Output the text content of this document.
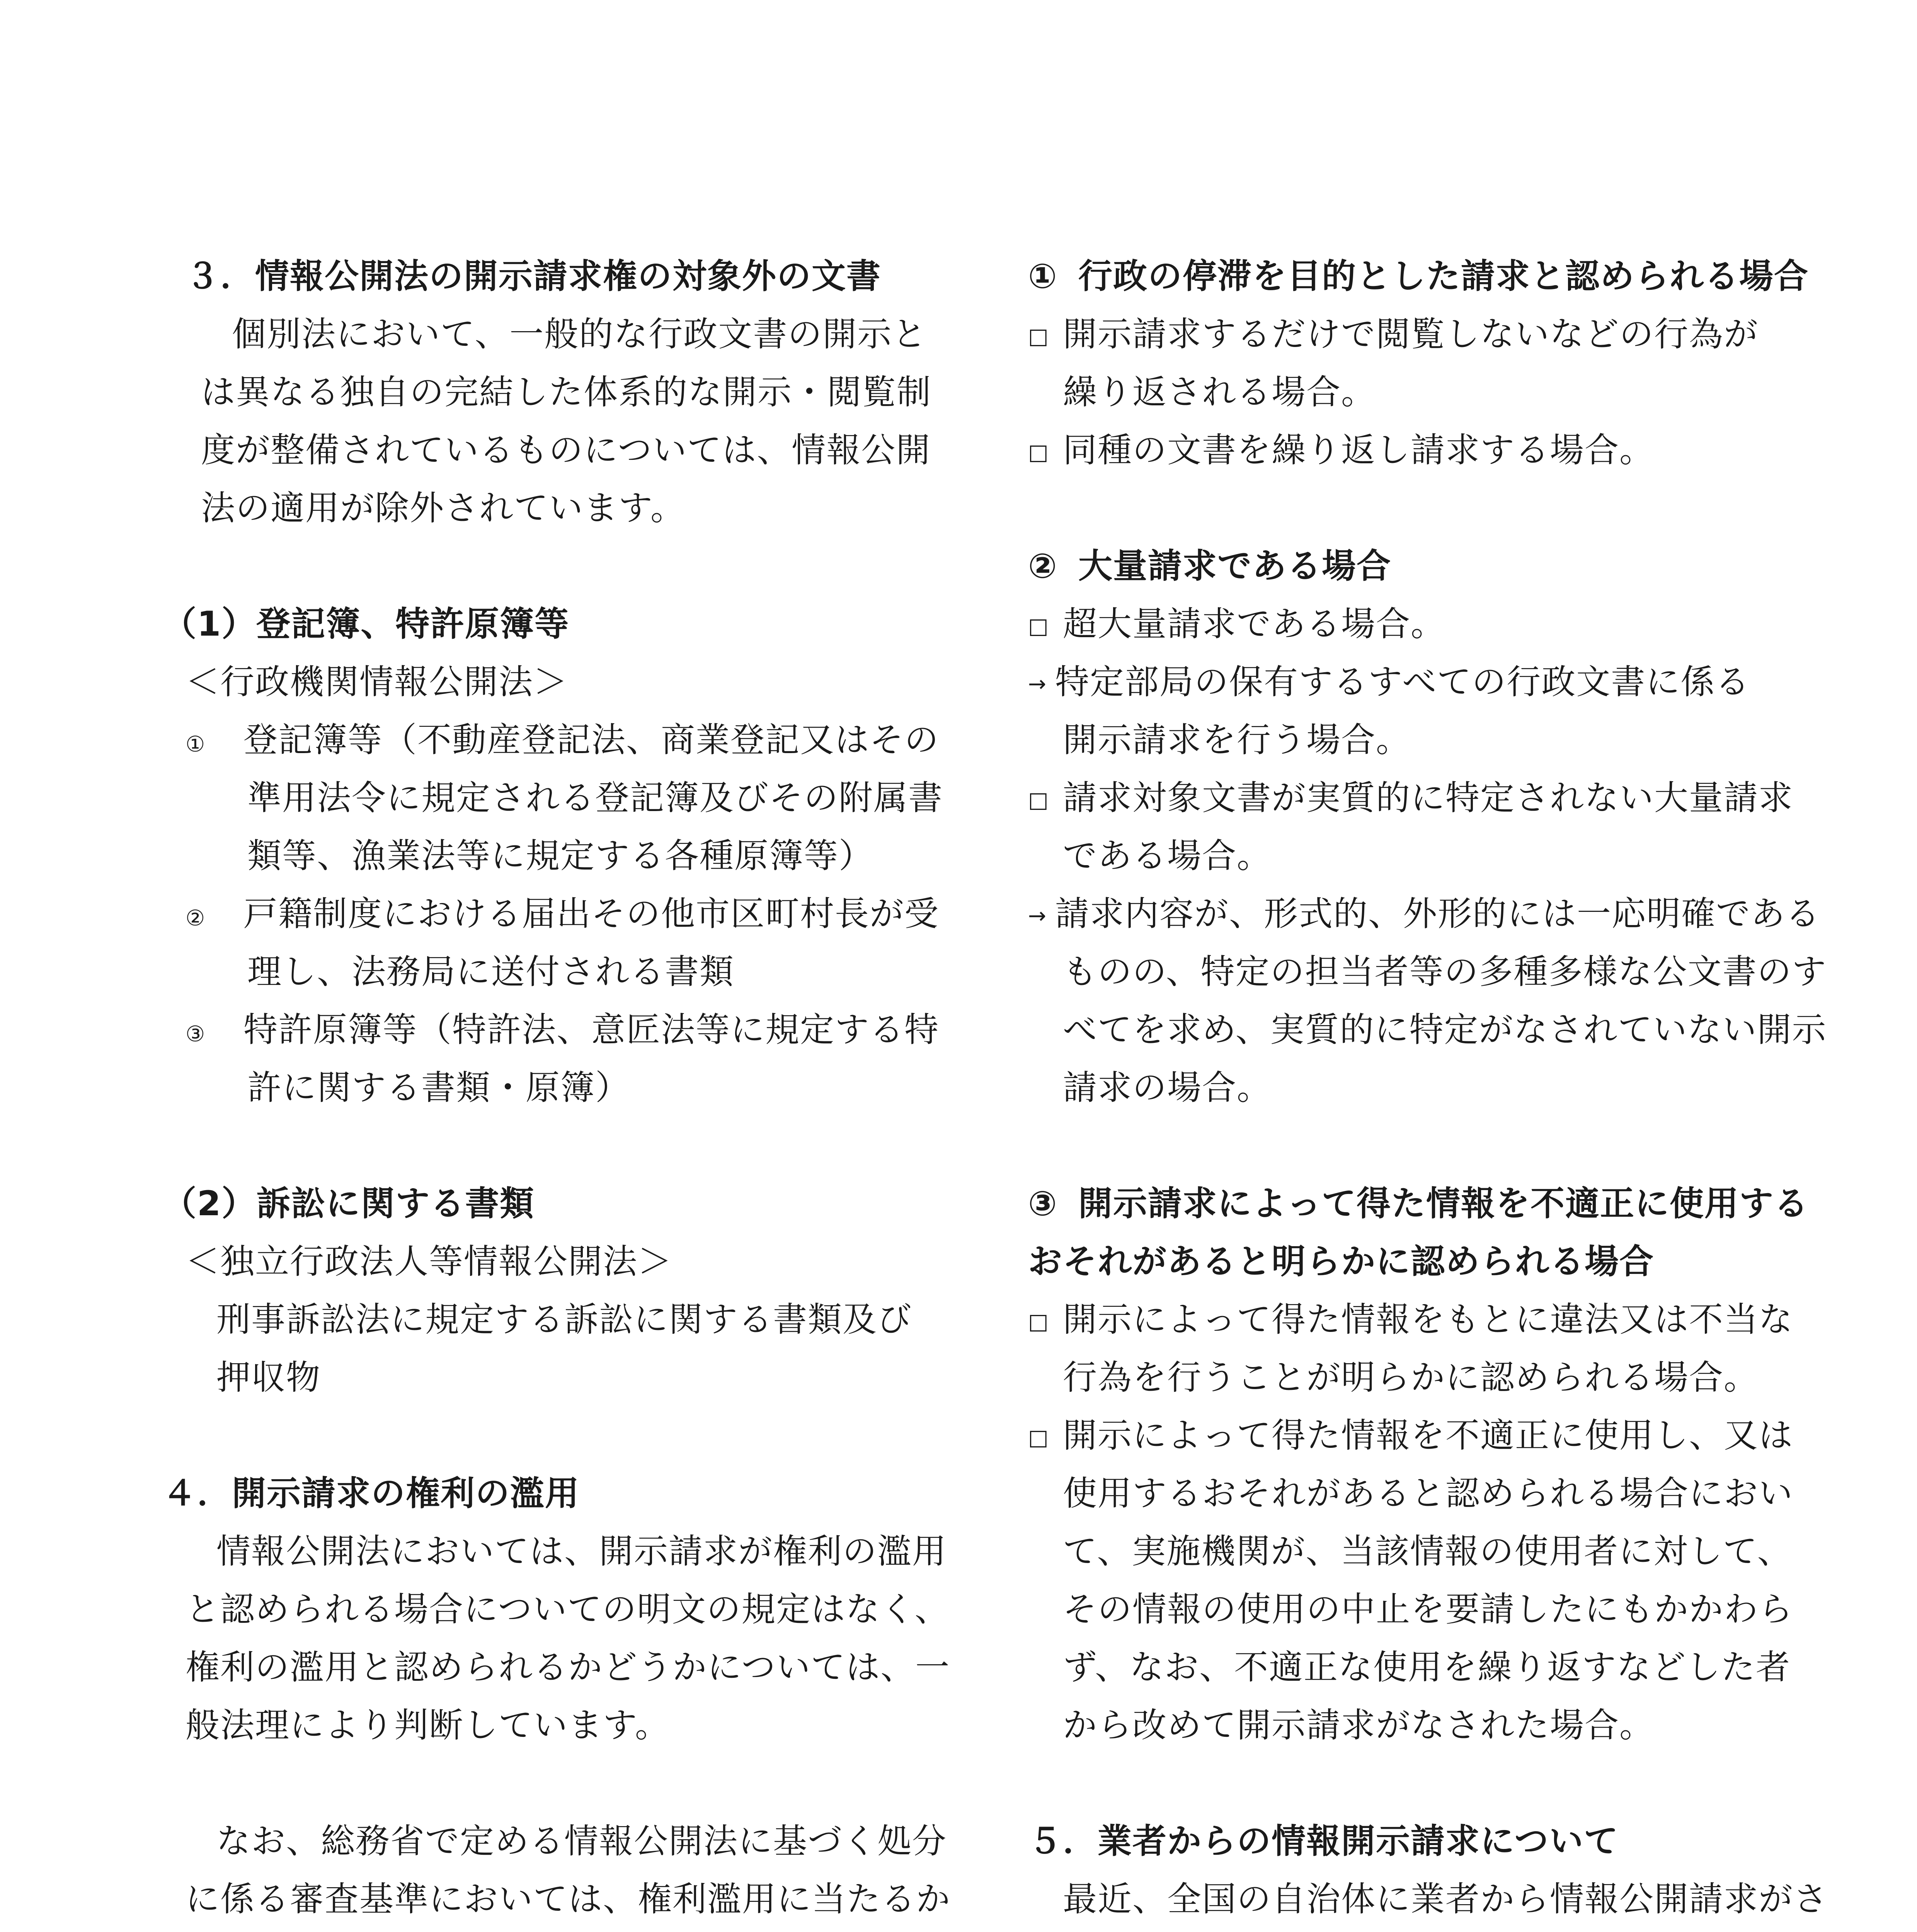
３．情報公開法の開示請求権の対象外の文書
個別法において、一般的な行政文書の開示と
は異なる独自の完結した体系的な開示・閲覧制
度が整備されているものについては、情報公開
法の適用が除外されています。
（1）登記簿、特許原簿等
＜行政機関情報公開法＞
① 登記簿等（不動産登記法、商業登記又はその
準用法令に規定される登記簿及びその附属書
類等、漁業法等に規定する各種原簿等）
② 戸籍制度における届出その他市区町村長が受
理し、法務局に送付される書類
③ 特許原簿等（特許法、意匠法等に規定する特
許に関する書類・原簿）
（2）訴訟に関する書類
＜独立行政法人等情報公開法＞
刑事訴訟法に規定する訴訟に関する書類及び
押収物
４．開示請求の権利の濫用
情報公開法においては、開示請求が権利の濫用
と認められる場合についての明文の規定はなく、
権利の濫用と認められるかどうかについては、一
般法理により判断しています。
なお、総務省で定める情報公開法に基づく処分
に係る審査基準においては、権利濫用に当たるか
① 行政の停滞を目的とした請求と認められる場合
□ 開示請求するだけで閲覧しないなどの行為が
繰り返される場合。
□ 同種の文書を繰り返し請求する場合。
② 大量請求である場合
□ 超大量請求である場合。
→ 特定部局の保有するすべての行政文書に係る
開示請求を行う場合。
□ 請求対象文書が実質的に特定されない大量請求
である場合。
→ 請求内容が、形式的、外形的には一応明確である
ものの、特定の担当者等の多種多様な公文書のす
べてを求め、実質的に特定がなされていない開示
請求の場合。
③ 開示請求によって得た情報を不適正に使用する
おそれがあると明らかに認められる場合
□ 開示によって得た情報をもとに違法又は不当な
行為を行うことが明らかに認められる場合。
□ 開示によって得た情報を不適正に使用し、又は
使用するおそれがあると認められる場合におい
て、実施機関が、当該情報の使用者に対して、
その情報の使用の中止を要請したにもかかわら
ず、なお、不適正な使用を繰り返すなどした者
から改めて開示請求がなされた場合。
５．業者からの情報開示請求について
最近、全国の自治体に業者から情報公開請求がさ
